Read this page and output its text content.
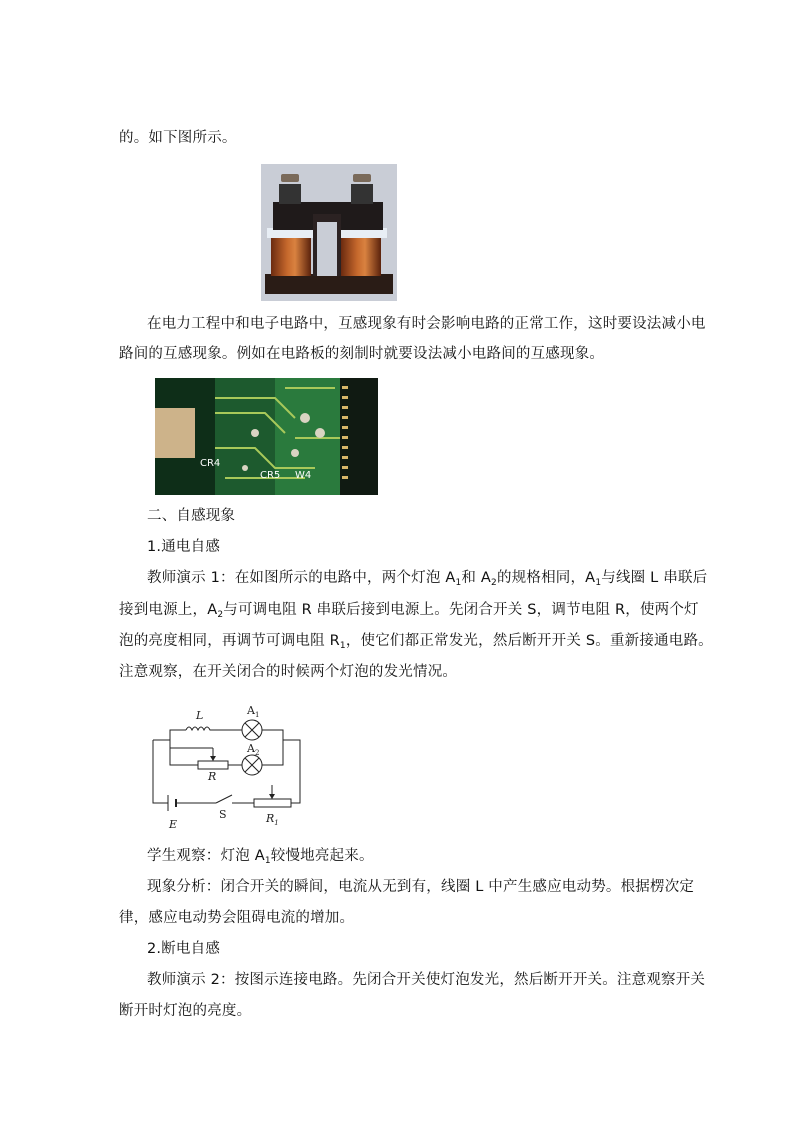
的。如下图所示。
在电力工程中和电子电路中，互感现象有时会影响电路的正常工作，这时要设法减小电
路间的互感现象。例如在电路板的刻制时就要设法减小电路间的互感现象。
CR4
CR5 W4
二、自感现象
1.通电自感
教师演示 1：在如图所示的电路中，两个灯泡 $A_1$和 $A_2$的规格相同，$A_1$与线圈 L 串联后
接到电源上，$A_2$与可调电阻 R 串联后接到电源上。先闭合开关 S，调节电阻 R，使两个灯
泡的亮度相同，再调节可调电阻 $R_1$，使它们都正常发光，然后断开开关 S。重新接通电路。
注意观察，在开关闭合的时候两个灯泡的发光情况。
L	$A_1$
$A_2$
R
S
E	$R_1$
学生观察：灯泡 $A_1$较慢地亮起来。
现象分析：闭合开关的瞬间，电流从无到有，线圈 L 中产生感应电动势。根据楞次定
律，感应电动势会阻碍电流的增加。
2.断电自感
教师演示 2：按图示连接电路。先闭合开关使灯泡发光，然后断开开关。注意观察开关
断开时灯泡的亮度。
